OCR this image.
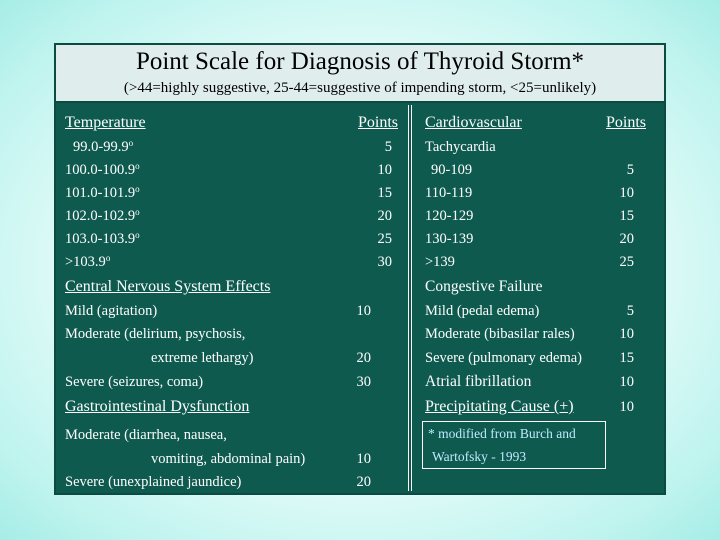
Point Scale for Diagnosis of Thyroid Storm*
(>44=highly suggestive, 25-44=suggestive of impending storm, <25=unlikely)
Temperature	Points
99.0-99.9$^o$	5
100.0-100.9$^o$	10
101.0-101.9$^o$	15
102.0-102.9$^o$	20
103.0-103.9$^o$	25
$>103.9^o$	30
Central Nervous System Effects
Mild (agitation)	10
Moderate (delirium, psychosis,
extreme lethargy)	20
Severe (seizures, coma)	30
Gastrointestinal Dysfunction
Moderate (diarrhea, nausea,
vomiting, abdominal pain)	10
Severe (unexplained jaundice)	20
Cardiovascular	Points
Tachycardia
90-109	5
110-119	10
120-129	15
130-139	20
>139	25
Congestive Failure
Mild (pedal edema)	5
Moderate (bibasilar rales)	10
Severe (pulmonary edema)	15
Atrial fibrillation	10
Precipitating Cause (+)	10
* modified from Burch and
Wartofsky - 1993
